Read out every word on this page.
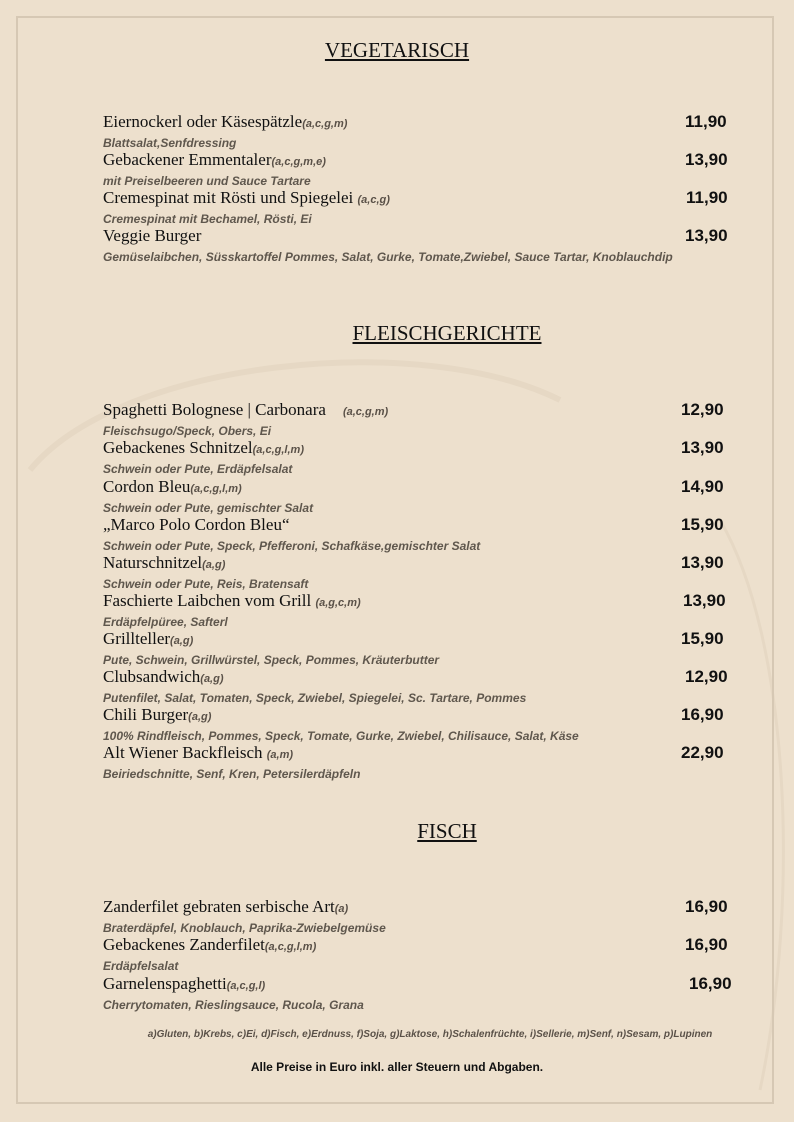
VEGETARISCH
Eiernockerl oder Käsespätzle(a,c,g,m)
Blattsalat,Senfdressing
11,90
Gebackener Emmentaler(a,c,g,m,e)
mit Preiselbeeren und Sauce Tartare
13,90
Cremespinat mit Rösti und Spiegelei (a,c,g)
Cremespinat mit Bechamel, Rösti, Ei
11,90
Veggie Burger
Gemüselaibchen, Süsskartoffel Pommes, Salat, Gurke, Tomate,Zwiebel, Sauce Tartar, Knoblauchdip
13,90
FLEISCHGERICHTE
Spaghetti Bolognese | Carbonara    (a,c,g,m)
Fleischsugo/Speck, Obers, Ei
12,90
Gebackenes Schnitzel(a,c,g,l,m)
Schwein oder Pute, Erdäpfelsalat
13,90
Cordon Bleu(a,c,g,l,m)
Schwein oder Pute, gemischter Salat
14,90
„Marco Polo Cordon Bleu“
Schwein oder Pute, Speck, Pfefferoni, Schafkäse,gemischter Salat
15,90
Naturschnitzel(a,g)
Schwein oder Pute, Reis, Bratensaft
13,90
Faschierte Laibchen vom Grill (a,g,c,m)
Erdäpfelpüree, Safterl
13,90
Grillteller(a,g)
Pute, Schwein, Grillwürstel, Speck, Pommes, Kräuterbutter
15,90
Clubsandwich(a,g)
Putenfilet, Salat, Tomaten, Speck, Zwiebel, Spiegelei, Sc. Tartare, Pommes
12,90
Chili Burger(a,g)
100% Rindfleisch, Pommes, Speck, Tomate, Gurke, Zwiebel, Chilisauce, Salat, Käse
16,90
Alt Wiener Backfleisch (a,m)
Beiriedschnitte, Senf, Kren, Petersilerdäpfeln
22,90
FISCH
Zanderfilet gebraten serbische Art(a)
Braterdäpfel, Knoblauch, Paprika-Zwiebelgemüse
16,90
Gebackenes Zanderfilet(a,c,g,l,m)
Erdäpfelsalat
16,90
Garnelenspaghetti(a,c,g,l)
Cherrytomaten, Rieslingsauce, Rucola, Grana
16,90
a)Gluten, b)Krebs, c)Ei, d)Fisch, e)Erdnuss, f)Soja, g)Laktose, h)Schalenfrüchte, i)Sellerie, m)Senf, n)Sesam, p)Lupinen
Alle Preise in Euro inkl. aller Steuern und Abgaben.
